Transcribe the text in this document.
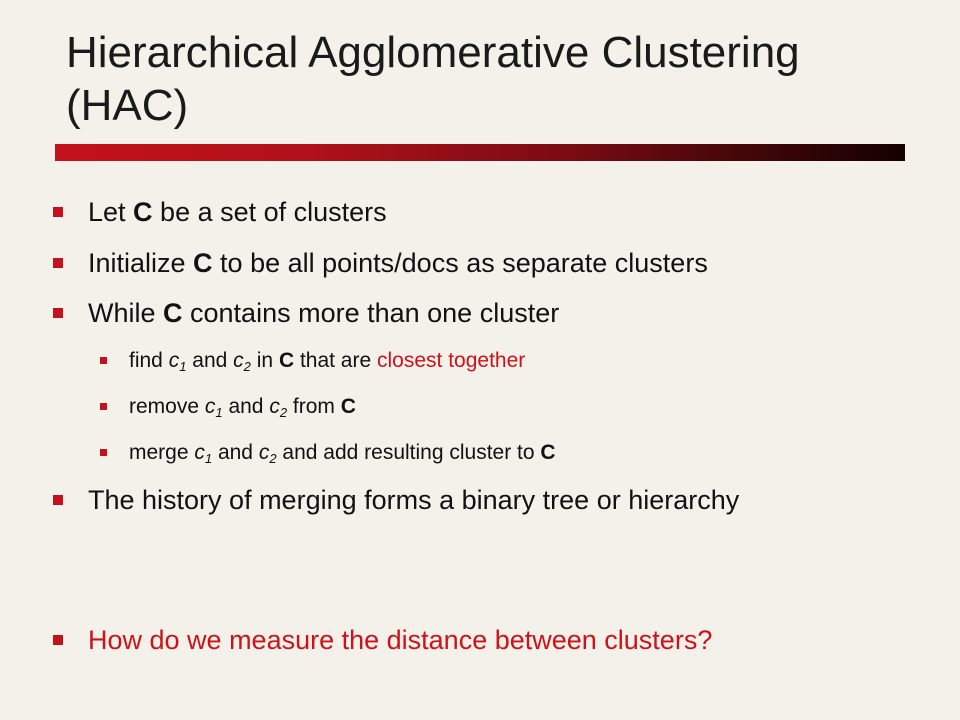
Hierarchical Agglomerative Clustering
(HAC)
Let C be a set of clusters
Initialize C to be all points/docs as separate clusters
While C contains more than one cluster
find $c_1$ and $c_2$ in C that are closest together
remove $c_1$ and $c_2$ from C
merge $c_1$ and $c_2$ and add resulting cluster to C
The history of merging forms a binary tree or hierarchy
How do we measure the distance between clusters?
